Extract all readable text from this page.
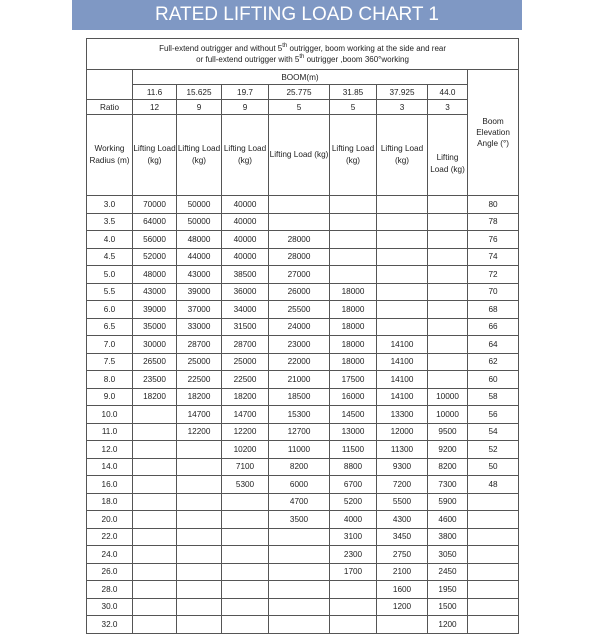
RATED LIFTING LOAD CHART 1
Full-extend outrigger and without 5th outrigger, boom working at the side and rear
or full-extend outrigger with 5th outrigger ,boom 360°working								
	BOOM(m)							Boom Elevation Angle (°)
	11.6	15.625	19.7	25.775	31.85	37.925	44.0	
Ratio	12	9	9	5	5	3	3	
Working Radius (m)	Lifting Load (kg)	Lifting Load (kg)	Lifting Load (kg)	Lifting Load (kg)	Lifting Load (kg)	Lifting Load (kg)	Lifting Load (kg)	
3.0	70000	50000	40000					80
3.5	64000	50000	40000					78
4.0	56000	48000	40000	28000				76
4.5	52000	44000	40000	28000				74
5.0	48000	43000	38500	27000				72
5.5	43000	39000	36000	26000	18000			70
6.0	39000	37000	34000	25500	18000			68
6.5	35000	33000	31500	24000	18000			66
7.0	30000	28700	28700	23000	18000	14100		64
7.5	26500	25000	25000	22000	18000	14100		62
8.0	23500	22500	22500	21000	17500	14100		60
9.0	18200	18200	18200	18500	16000	14100	10000	58
10.0		14700	14700	15300	14500	13300	10000	56
11.0		12200	12200	12700	13000	12000	9500	54
12.0			10200	11000	11500	11300	9200	52
14.0			7100	8200	8800	9300	8200	50
16.0			5300	6000	6700	7200	7300	48
18.0				4700	5200	5500	5900	
20.0				3500	4000	4300	4600	
22.0					3100	3450	3800	
24.0					2300	2750	3050	
26.0					1700	2100	2450	
28.0						1600	1950	
30.0						1200	1500	
32.0							1200	
